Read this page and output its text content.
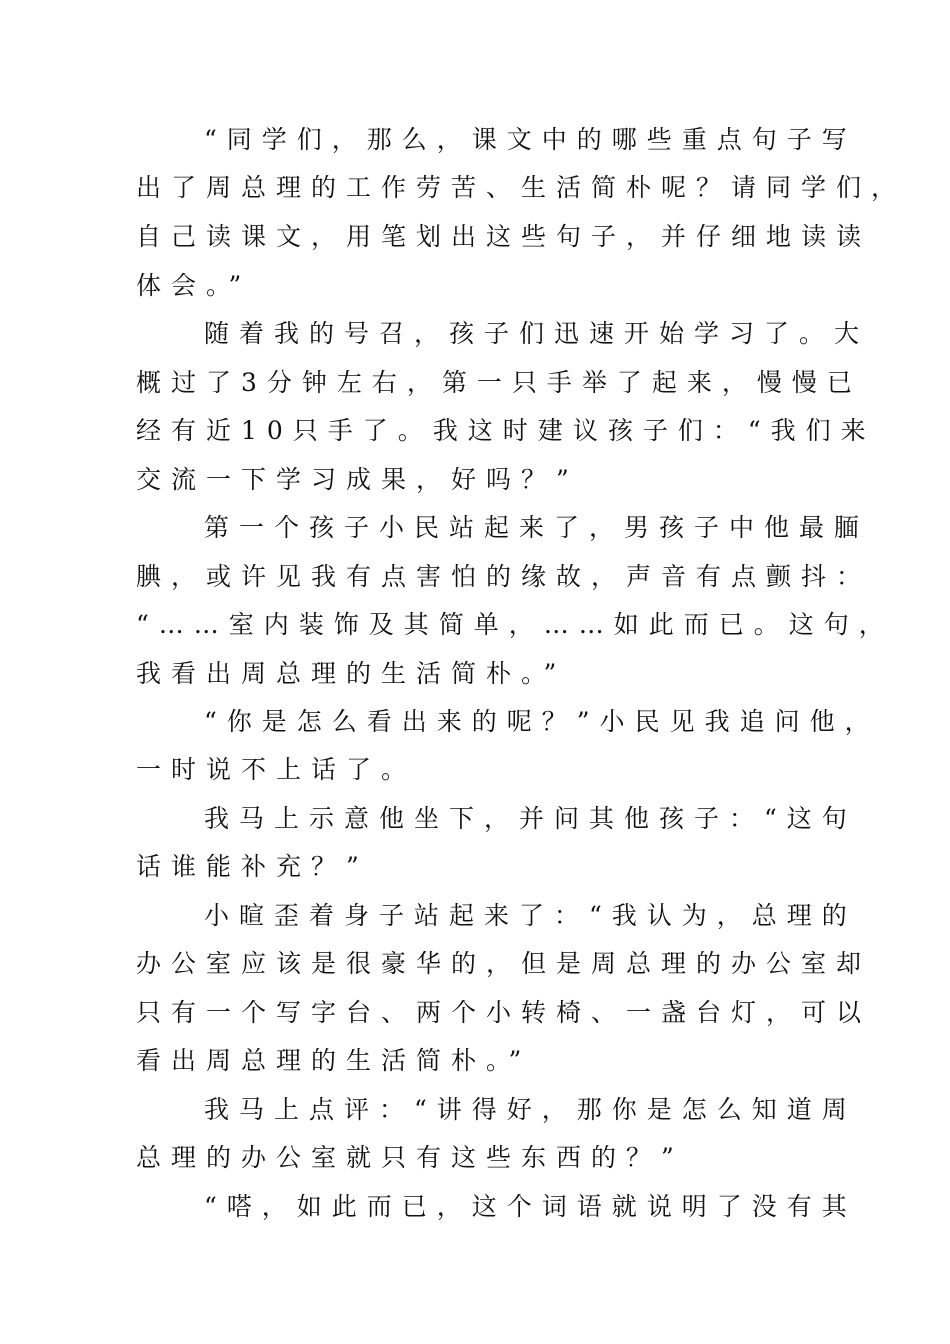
“同学们，那么，课文中的哪些重点句子写
出了周总理的工作劳苦、生活简朴呢？请同学们，
自己读课文，用笔划出这些句子，并仔细地读读
体会。”
随着我的号召，孩子们迅速开始学习了。大
概过了3分钟左右，第一只手举了起来，慢慢已
经有近10只手了。我这时建议孩子们：“我们来
交流一下学习成果，好吗？”
第一个孩子小民站起来了，男孩子中他最腼
腆，或许见我有点害怕的缘故，声音有点颤抖：
“……室内装饰及其简单，……如此而已。这句，
我看出周总理的生活简朴。”
“你是怎么看出来的呢？”小民见我追问他，
一时说不上话了。
我马上示意他坐下，并问其他孩子：“这句
话谁能补充？”
小暄歪着身子站起来了：“我认为，总理的
办公室应该是很豪华的，但是周总理的办公室却
只有一个写字台、两个小转椅、一盏台灯，可以
看出周总理的生活简朴。”
我马上点评：“讲得好，那你是怎么知道周
总理的办公室就只有这些东西的？”
“嗒，如此而已，这个词语就说明了没有其
